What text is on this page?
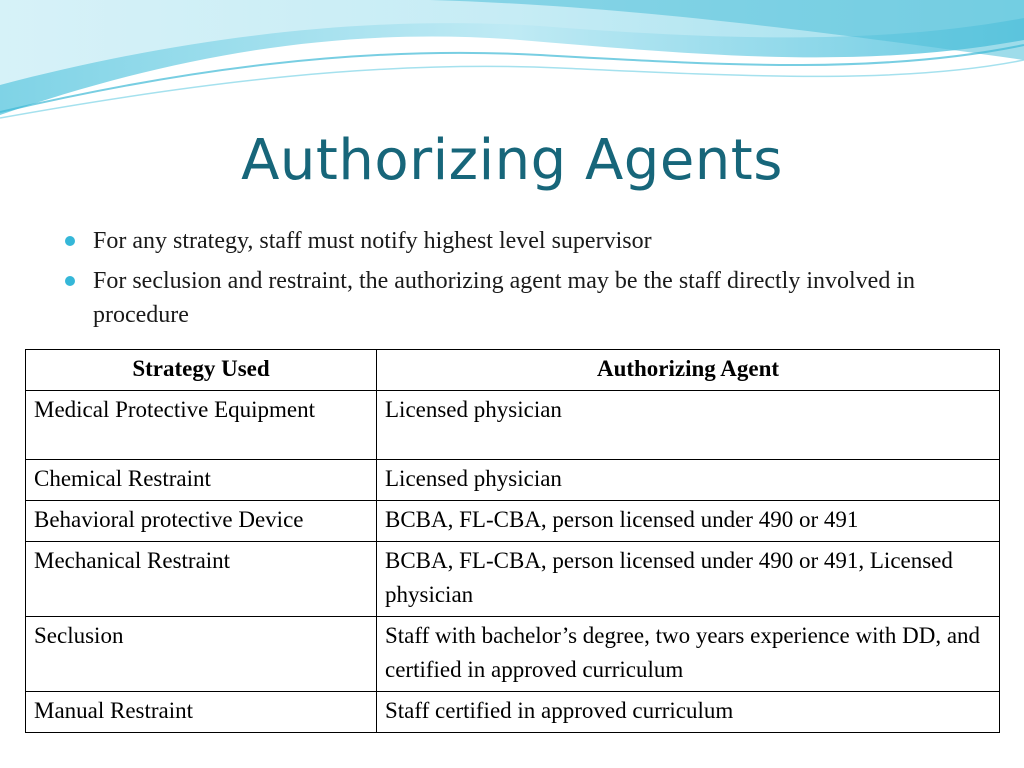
Authorizing Agents
For any strategy, staff must notify highest level supervisor
For seclusion and restraint, the authorizing agent may be the staff directly involved in procedure
Strategy Used	Authorizing Agent
Medical Protective Equipment	Licensed physician
Chemical Restraint	Licensed physician
Behavioral protective Device	BCBA, FL-CBA, person licensed under 490 or 491
Mechanical Restraint	BCBA, FL-CBA, person licensed under 490 or 491, Licensed physician
Seclusion	Staff with bachelor’s degree, two years experience with DD, and certified in approved curriculum
Manual Restraint	Staff certified in approved curriculum
